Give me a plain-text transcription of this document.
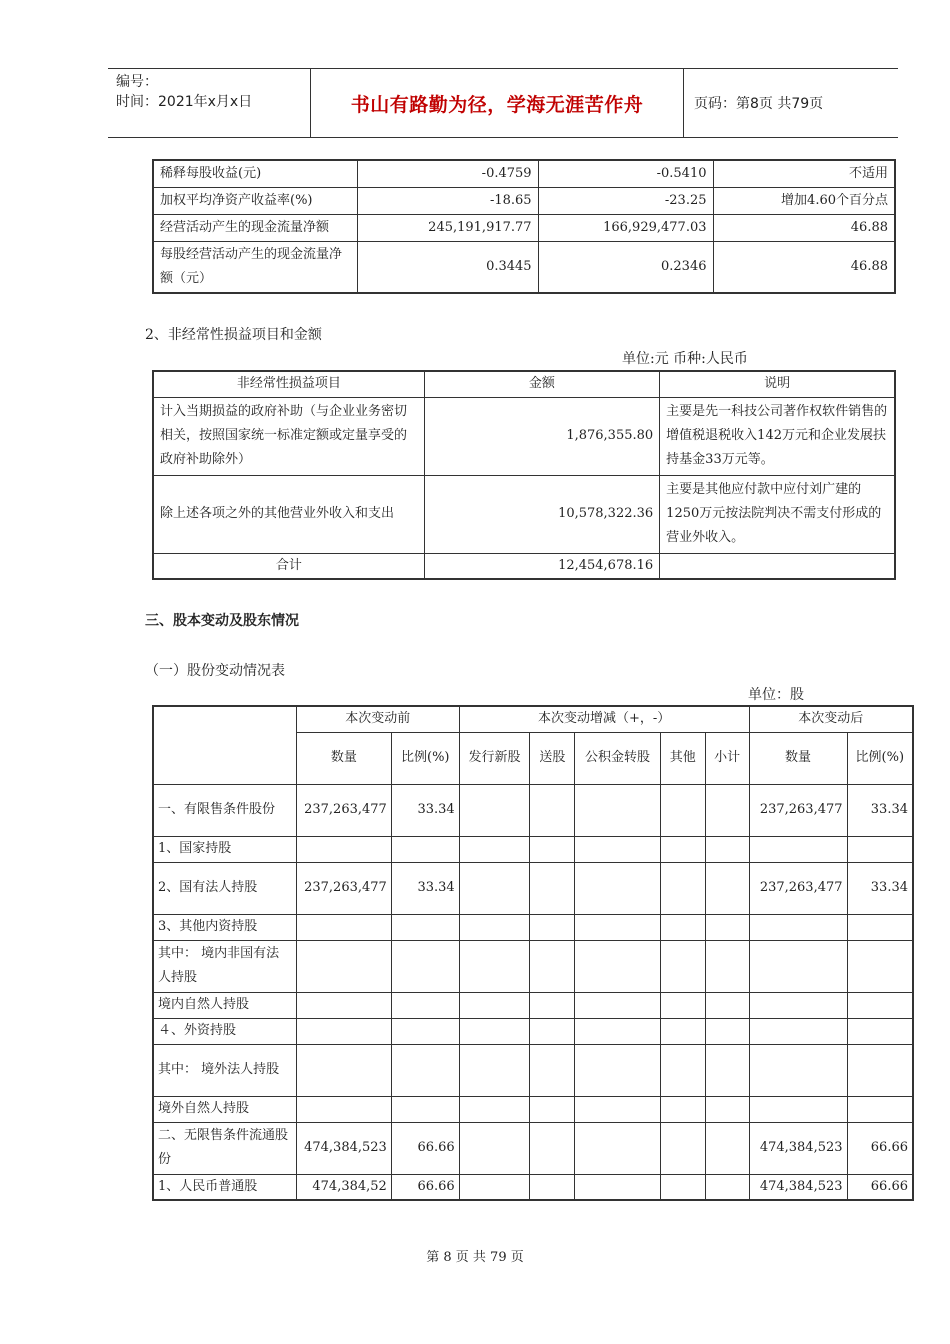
编号：
时间：2021年x月x日	书山有路勤为径，学海无涯苦作舟	页码：第8页 共79页
稀释每股收益(元)	-0.4759	-0.5410	不适用
加权平均净资产收益率(%)	-18.65	-23.25	增加4.60个百分点
经营活动产生的现金流量净额	245,191,917.77	166,929,477.03	46.88
每股经营活动产生的现金流量净额（元）	0.3445	0.2346	46.88
2、非经常性损益项目和金额
单位:元 币种:人民币
非经常性损益项目	金额	说明
计入当期损益的政府补助（与企业业务密切相关，按照国家统一标准定额或定量享受的政府补助除外）	1,876,355.80	主要是先一科技公司著作权软件销售的增值税退税收入142万元和企业发展扶持基金33万元等。
除上述各项之外的其他营业外收入和支出	10,578,322.36	主要是其他应付款中应付刘广建的1250万元按法院判决不需支付形成的营业外收入。
合计	12,454,678.16	
三、股本变动及股东情况
（一）股份变动情况表
单位：股
	本次变动前		本次变动增减（+，-）					本次变动后	
	数量	比例(%)	发行新股	送股	公积金转股	其他	小计	数量	比例(%)
一、有限售条件股份	237,263,477	33.34						237,263,477	33.34
1、国家持股									
2、国有法人持股	237,263,477	33.34						237,263,477	33.34
3、其他内资持股									
其中： 境内非国有法人持股									
境内自然人持股									
４、外资持股									
其中： 境外法人持股									
境外自然人持股									
二、无限售条件流通股份	474,384,523	66.66						474,384,523	66.66
1、人民币普通股	474,384,52	66.66						474,384,523	66.66
第 8 页 共 79 页
